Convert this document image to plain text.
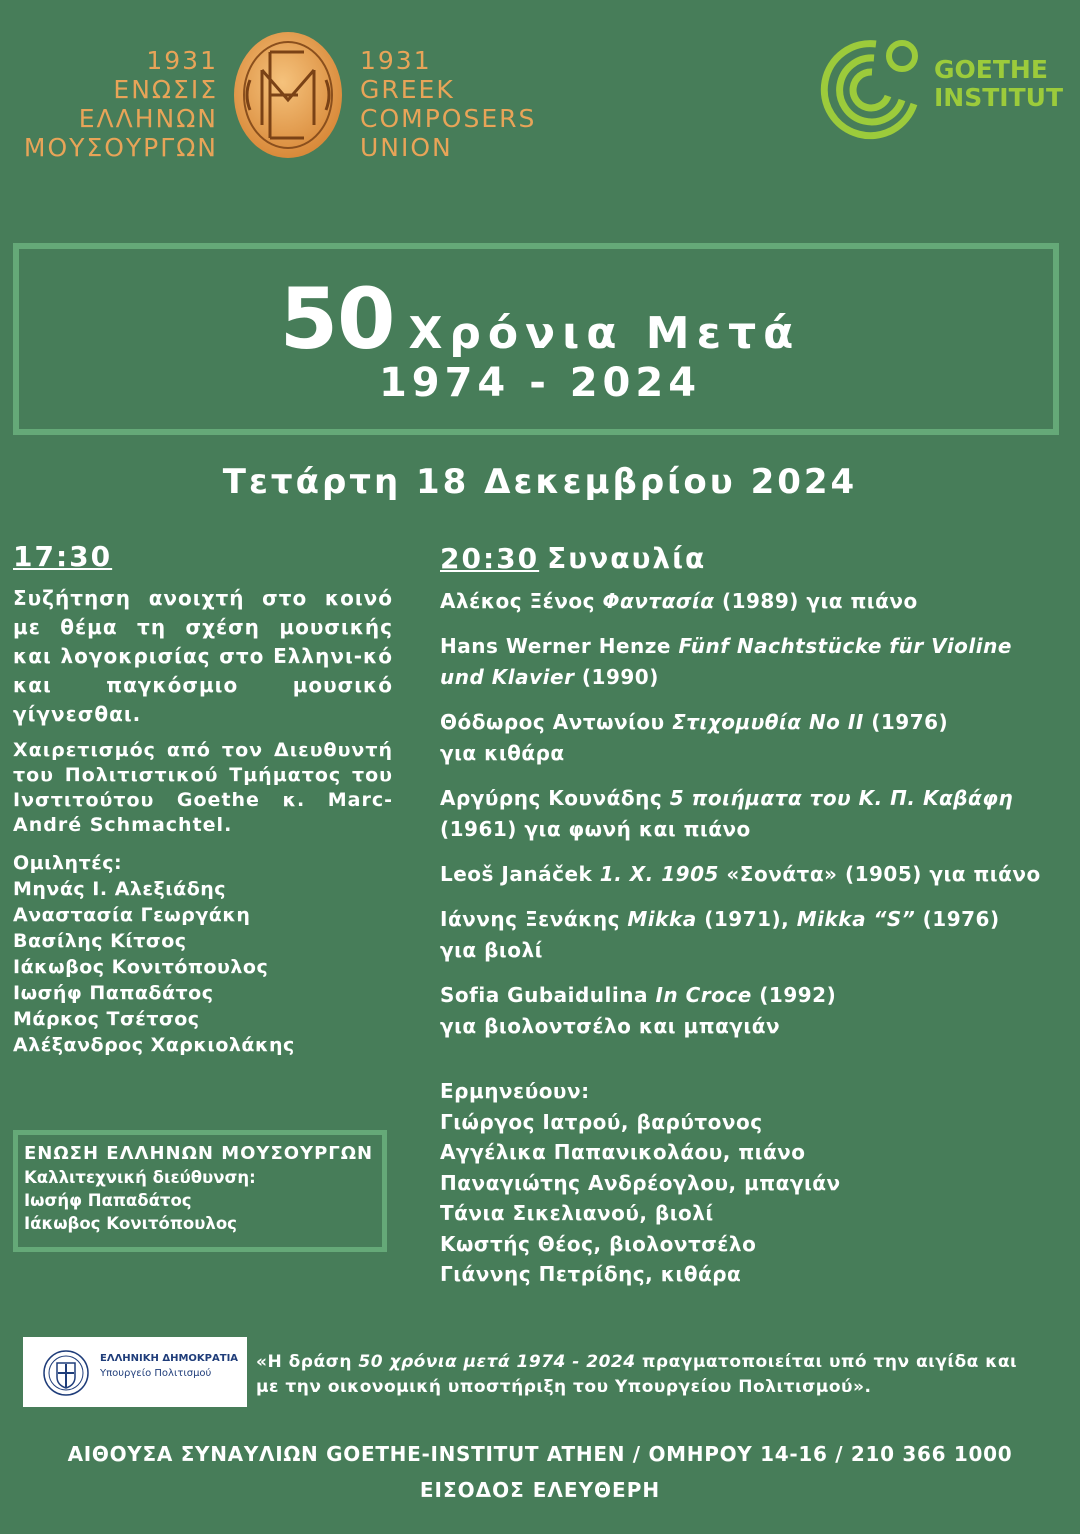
1931
ΕΝΩΣΙΣ
ΕΛΛΗΝΩΝ
ΜΟΥΣΟΥΡΓΩΝ
1931
GREEK
COMPOSERS
UNION
GOETHE
INSTITUT
50 Χρόνια Μετά
1974 - 2024
Τετάρτη 18 Δεκεμβρίου 2024
17:30
Συζήτηση ανοιχτή στο κοινό με θέμα τη σχέση μουσικής και λογοκρισίας στο Ελληνι-κό και παγκόσμιο μουσικό γίγνεσθαι.
Χαιρετισμός από τον Διευθυντή του Πολιτιστικού Τμήματος του Ινστιτούτου Goethe κ. Marc-André Schmachtel.
Ομιλητές:
Μηνάς Ι. Αλεξιάδης
Αναστασία Γεωργάκη
Βασίλης Κίτσος
Ιάκωβος Κονιτόπουλος
Ιωσήφ Παπαδάτος
Μάρκος Τσέτσος
Αλέξανδρος Χαρκιολάκης
ΕΝΩΣΗ ΕΛΛΗΝΩΝ ΜΟΥΣΟΥΡΓΩΝ
Καλλιτεχνική διεύθυνση:
Ιωσήφ Παπαδάτος
Ιάκωβος Κονιτόπουλος
20:30 Συναυλία
Αλέκος Ξένος Φαντασία (1989) για πιάνο
Hans Werner Henze Fünf Nachtstücke für Violine
und Klavier (1990)
Θόδωρος Αντωνίου Στιχομυθία No II (1976)
για κιθάρα
Αργύρης Κουνάδης 5 ποιήματα του Κ. Π. Καβάφη
(1961) για φωνή και πιάνο
Leoš Janáček 1. X. 1905 «Σονάτα» (1905) για πιάνο
Ιάννης Ξενάκης Mikka (1971), Mikka “S” (1976)
για βιολί
Sofia Gubaidulina In Croce (1992)
για βιολοντσέλο και μπαγιάν
Ερμηνεύουν:
Γιώργος Ιατρού, βαρύτονος
Αγγέλικα Παπανικολάου, πιάνο
Παναγιώτης Ανδρέογλου, μπαγιάν
Τάνια Σικελιανού, βιολί
Κωστής Θέος, βιολοντσέλο
Γιάννης Πετρίδης, κιθάρα
ΕΛΛΗΝΙΚΗ ΔΗΜΟΚΡΑΤΙΑ
Υπουργείο Πολιτισμού
«Η δράση 50 χρόνια μετά 1974 - 2024 πραγματοποιείται υπό την αιγίδα και
με την οικονομική υποστήριξη του Υπουργείου Πολιτισμού».
ΑΙΘΟΥΣΑ ΣΥΝΑΥΛΙΩΝ GOETHE-INSTITUT ATHEN / ΟΜΗΡΟΥ 14-16 / 210 366 1000
ΕΙΣΟΔΟΣ ΕΛΕΥΘΕΡΗ
